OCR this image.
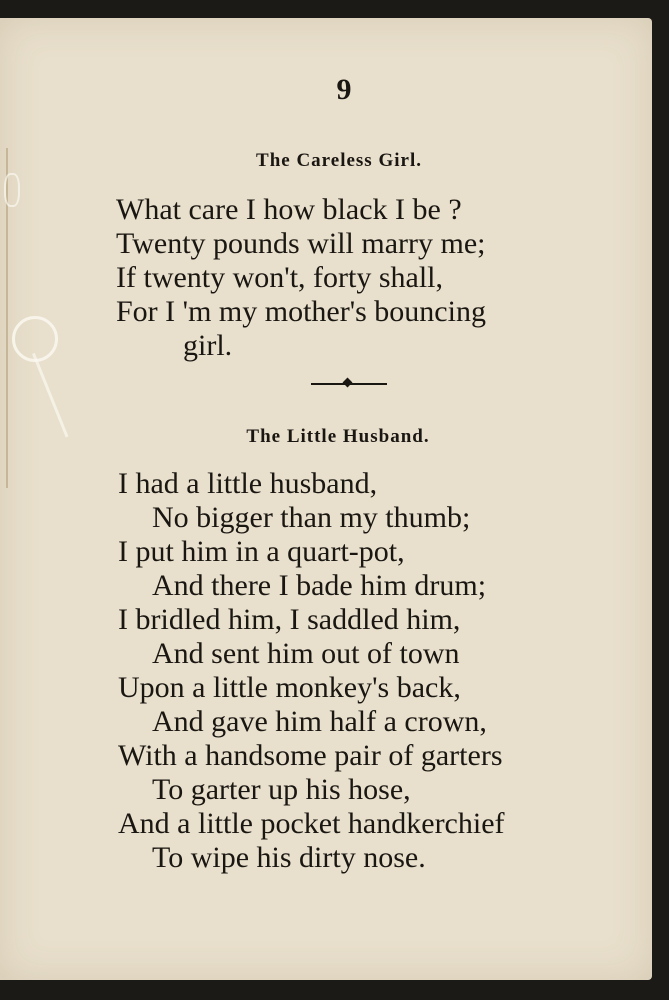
9
The Careless Girl.
What care I how black I be ?
Twenty pounds will marry me;
If twenty won't, forty shall,
For I 'm my mother's bouncing
girl.
The Little Husband.
I had a little husband,
No bigger than my thumb;
I put him in a quart-pot,
And there I bade him drum;
I bridled him, I saddled him,
And sent him out of town
Upon a little monkey's back,
And gave him half a crown,
With a handsome pair of garters
To garter up his hose,
And a little pocket handkerchief
To wipe his dirty nose.
